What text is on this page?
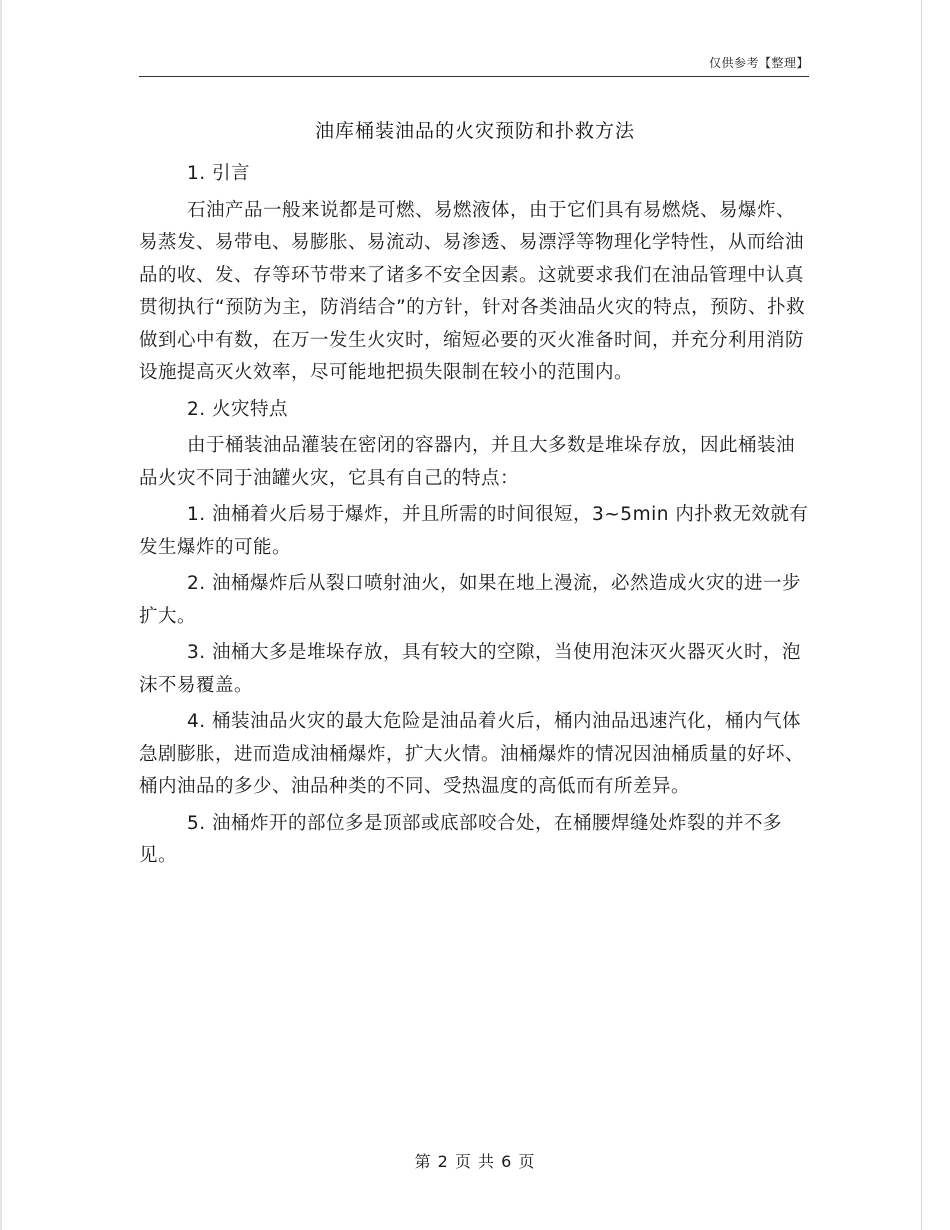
仅供参考【整理】
油库桶装油品的火灾预防和扑救方法

1. 引言

石油产品一般来说都是可燃、易燃液体，由于它们具有易燃烧、易爆炸、易蒸发、易带电、易膨胀、易流动、易渗透、易漂浮等物理化学特性，从而给油品的收、发、存等环节带来了诸多不安全因素。这就要求我们在油品管理中认真贯彻执行“预防为主，防消结合”的方针，针对各类油品火灾的特点，预防、扑救做到心中有数，在万一发生火灾时，缩短必要的灭火准备时间，并充分利用消防设施提高灭火效率，尽可能地把损失限制在较小的范围内。

2. 火灾特点

由于桶装油品灌装在密闭的容器内，并且大多数是堆垛存放，因此桶装油品火灾不同于油罐火灾，它具有自己的特点：

1. 油桶着火后易于爆炸，并且所需的时间很短，3~5min 内扑救无效就有发生爆炸的可能。

2. 油桶爆炸后从裂口喷射油火，如果在地上漫流，必然造成火灾的进一步扩大。

3. 油桶大多是堆垛存放，具有较大的空隙，当使用泡沫灭火器灭火时，泡沫不易覆盖。

4. 桶装油品火灾的最大危险是油品着火后，桶内油品迅速汽化，桶内气体急剧膨胀，进而造成油桶爆炸，扩大火情。油桶爆炸的情况因油桶质量的好坏、桶内油品的多少、油品种类的不同、受热温度的高低而有所差异。

5. 油桶炸开的部位多是顶部或底部咬合处，在桶腰焊缝处炸裂的并不多见。

第 2 页 共 6 页
